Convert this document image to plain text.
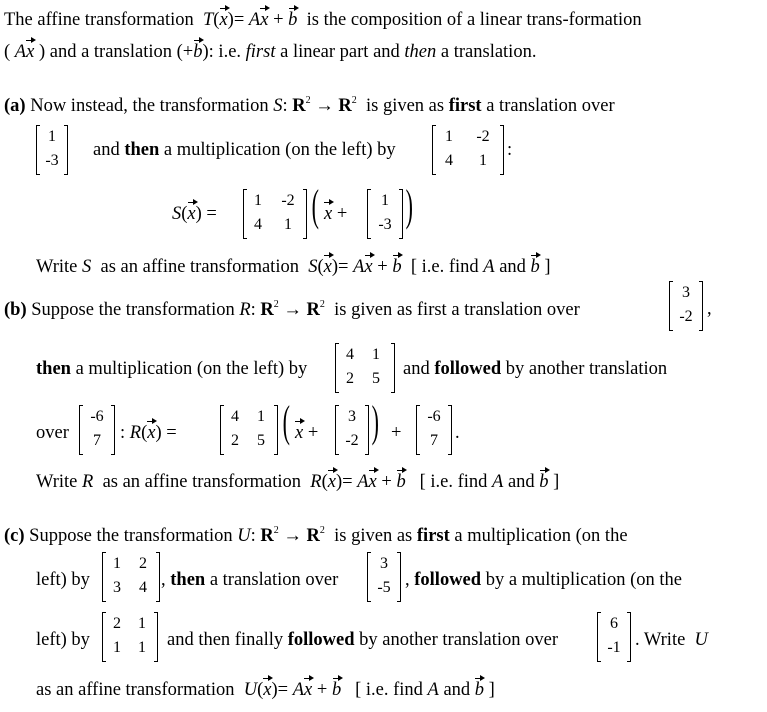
The affine transformation T(x)= Ax + b is the composition of a linear trans-formation
( Ax ) and a translation (+b): i.e. first a linear part and then a translation.
(a) Now instead, the transformation S: $R^2 \to R^2$ is given as first a translation over
1
-3
and then a multiplication (on the left) by
1	-2
4	1
:
S(x) =
1	-2
4	1 ( x +
1
-3 )
Write S as an affine transformation S(x)= Ax + b [ i.e. find A and b ]
(b) Suppose the transformation R: $R^2 \to R^2$ is given as first a translation over
3
-2 ,
then a multiplication (on the left) by
4	1
2	5	and followed by another translation
over
-6
7	: R(x) =
4	1
2	5 ( x +
3
-2 ) +
-6
7 .
Write R as an affine transformation R(x)= Ax + b [ i.e. find A and b ]
(c) Suppose the transformation U: $R^2 \to R^2$ is given as first a multiplication (on the
left) by
1	2
3	4 , then a translation over
3
-5 , followed by a multiplication (on the
left) by
2	1
1	1	and then finally followed by another translation over
6
-1 . Write U
as an affine transformation U(x)= Ax + b [ i.e. find A and b ]
